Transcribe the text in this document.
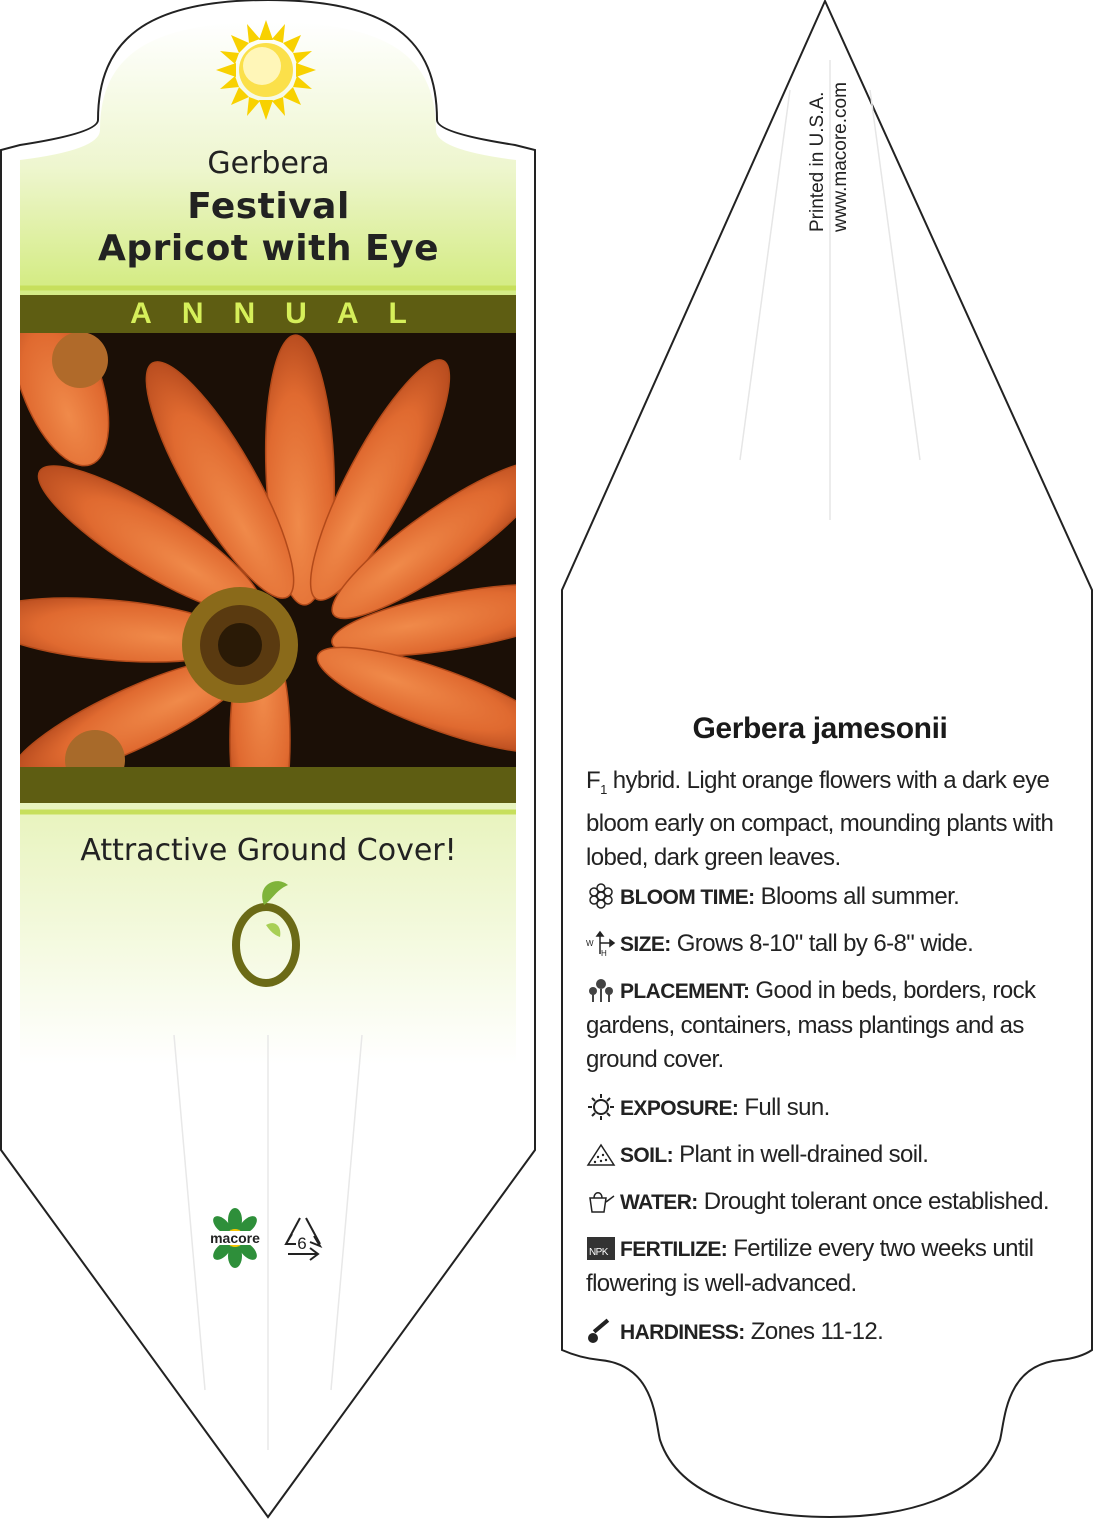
Gerbera
Festival
Apricot with Eye
ANNUAL
Attractive Ground Cover!
macore 6
Printed in U.S.A. www.macore.com
Gerbera jamesonii
$F_1$ hybrid. Light orange flowers with a dark eye bloom early on compact, mounding plants with lobed, dark green leaves.
BLOOM TIME: Blooms all summer.
W
H SIZE: Grows 8-10" tall by 6-8" wide.
PLACEMENT: Good in beds, borders, rock gardens, containers, mass plantings and as ground cover.
EXPOSURE: Full sun.
SOIL: Plant in well-drained soil.
WATER: Drought tolerant once established.
NPK FERTILIZE: Fertilize every two weeks until flowering is well-advanced.
HARDINESS: Zones 11-12.
